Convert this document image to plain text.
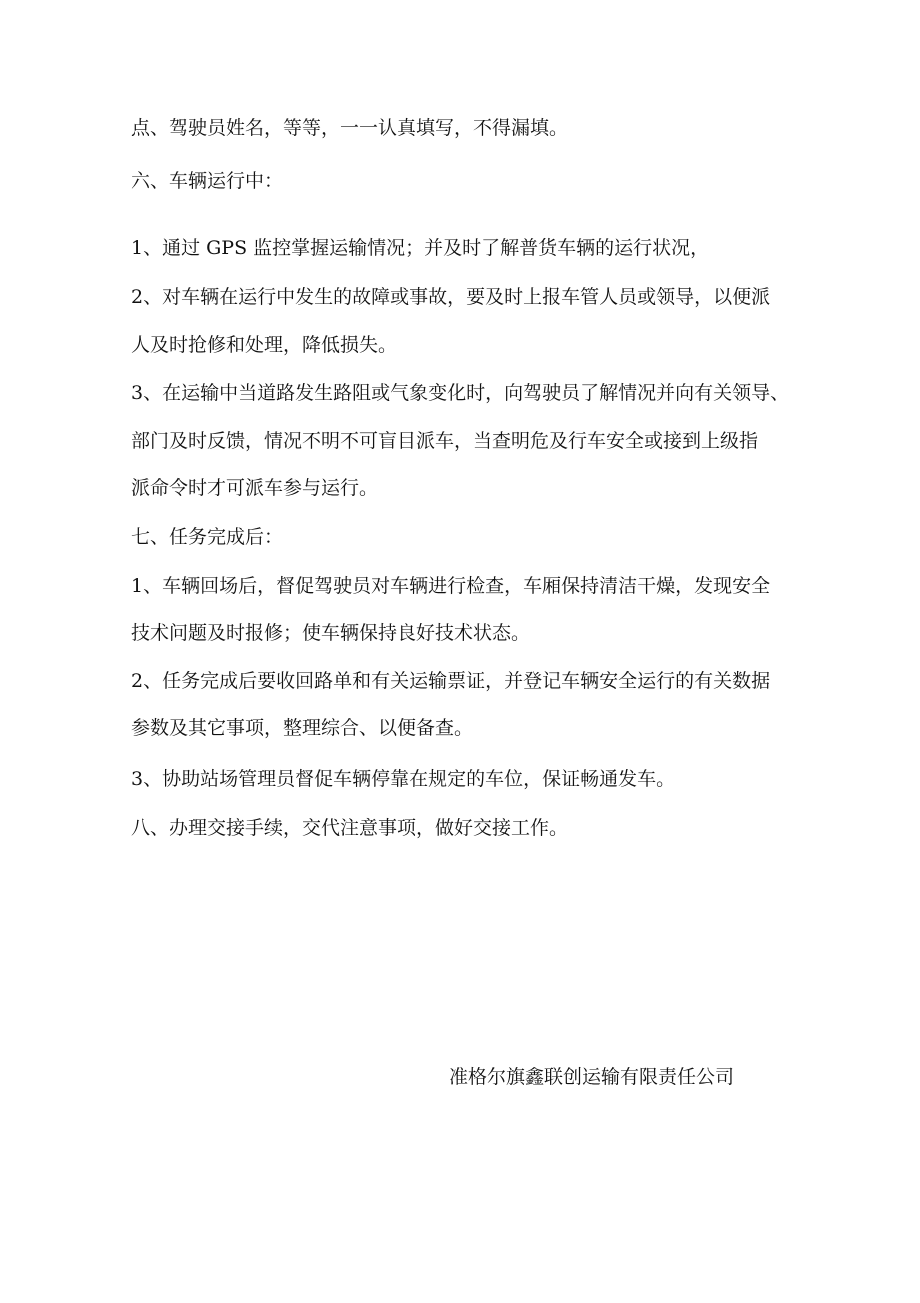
点、驾驶员姓名，等等，一一认真填写，不得漏填。
六、车辆运行中：
1、通过 GPS 监控掌握运输情况；并及时了解普货车辆的运行状况，
2、对车辆在运行中发生的故障或事故，要及时上报车管人员或领导，以便派
人及时抢修和处理，降低损失。
3、在运输中当道路发生路阻或气象变化时，向驾驶员了解情况并向有关领导、
部门及时反馈，情况不明不可盲目派车，当查明危及行车安全或接到上级指
派命令时才可派车参与运行。
七、任务完成后：
1、车辆回场后，督促驾驶员对车辆进行检查，车厢保持清洁干燥，发现安全
技术问题及时报修；使车辆保持良好技术状态。
2、任务完成后要收回路单和有关运输票证，并登记车辆安全运行的有关数据
参数及其它事项，整理综合、以便备查。
3、协助站场管理员督促车辆停靠在规定的车位，保证畅通发车。
八、办理交接手续，交代注意事项，做好交接工作。
准格尔旗鑫联创运输有限责任公司
